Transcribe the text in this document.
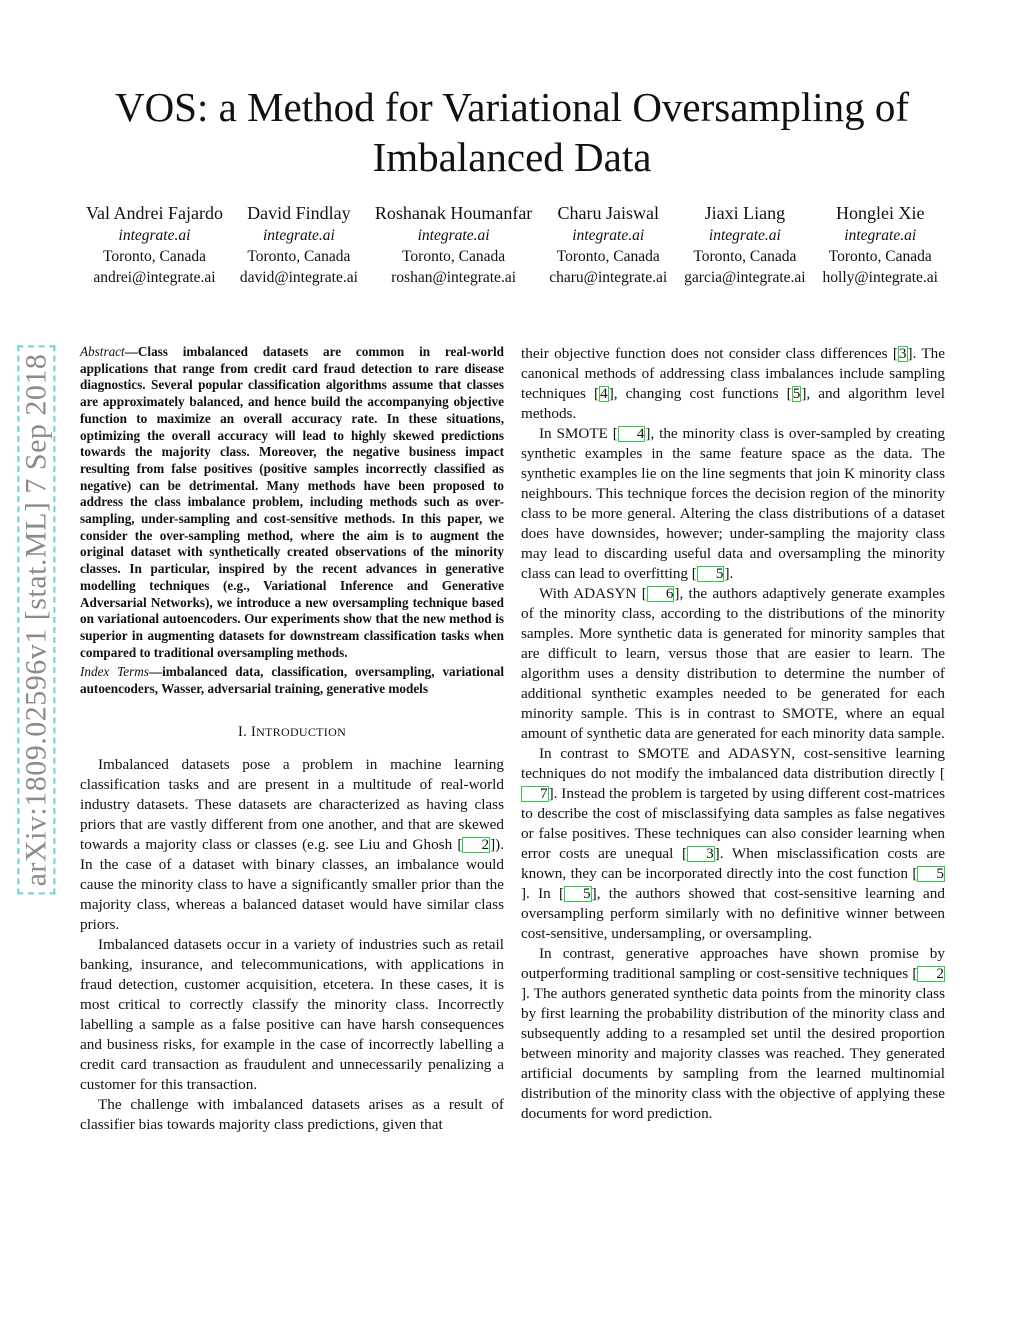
arXiv:1809.02596v1 [stat.ML] 7 Sep 2018
VOS: a Method for Variational Oversampling of Imbalanced Data
Val Andrei Fajardo
integrate.ai
Toronto, Canada
andrei@integrate.ai
David Findlay
integrate.ai
Toronto, Canada
david@integrate.ai
Roshanak Houmanfar
integrate.ai
Toronto, Canada
roshan@integrate.ai
Charu Jaiswal
integrate.ai
Toronto, Canada
charu@integrate.ai
Jiaxi Liang
integrate.ai
Toronto, Canada
garcia@integrate.ai
Honglei Xie
integrate.ai
Toronto, Canada
holly@integrate.ai

Abstract—Class imbalanced datasets are common in real-world applications that range from credit card fraud detection to rare disease diagnostics. Several popular classification algorithms assume that classes are approximately balanced, and hence build the accompanying objective function to maximize an overall accuracy rate. In these situations, optimizing the overall accuracy will lead to highly skewed predictions towards the majority class. Moreover, the negative business impact resulting from false positives (positive samples incorrectly classified as negative) can be detrimental. Many methods have been proposed to address the class imbalance problem, including methods such as over-sampling, under-sampling and cost-sensitive methods. In this paper, we consider the over-sampling method, where the aim is to augment the original dataset with synthetically created observations of the minority classes. In particular, inspired by the recent advances in generative modelling techniques (e.g., Variational Inference and Generative Adversarial Networks), we introduce a new oversampling technique based on variational autoencoders. Our experiments show that the new method is superior in augmenting datasets for downstream classification tasks when compared to traditional oversampling methods.

Index Terms—imbalanced data, classification, oversampling, variational autoencoders, Wasser, adversarial training, generative models

I. INTRODUCTION

Imbalanced datasets pose a problem in machine learning classification tasks and are present in a multitude of real-world industry datasets. These datasets are characterized as having class priors that are vastly different from one another, and that are skewed towards a majority class or classes (e.g. see Liu and Ghosh [ 2]). In the case of a dataset with binary classes, an imbalance would cause the minority class to have a significantly smaller prior than the majority class, whereas a balanced dataset would have similar class priors.

Imbalanced datasets occur in a variety of industries such as retail banking, insurance, and telecommunications, with applications in fraud detection, customer acquisition, etcetera. In these cases, it is most critical to correctly classify the minority class. Incorrectly labelling a sample as a false positive can have harsh consequences and business risks, for example in the case of incorrectly labelling a credit card transaction as fraudulent and unnecessarily penalizing a customer for this transaction.

The challenge with imbalanced datasets arises as a result of classifier bias towards majority class predictions, given that

their objective function does not consider class differences [3]. The canonical methods of addressing class imbalances include sampling techniques [4], changing cost functions [5], and algorithm level methods.

In SMOTE [ 4], the minority class is over-sampled by creating synthetic examples in the same feature space as the data. The synthetic examples lie on the line segments that join K minority class neighbours. This technique forces the decision region of the minority class to be more general. Altering the class distributions of a dataset does have downsides, however; under-sampling the majority class may lead to discarding useful data and oversampling the minority class can lead to overfitting [ 5].

With ADASYN [ 6], the authors adaptively generate examples of the minority class, according to the distributions of the minority samples. More synthetic data is generated for minority samples that are difficult to learn, versus those that are easier to learn. The algorithm uses a density distribution to determine the number of additional synthetic examples needed to be generated for each minority sample. This is in contrast to SMOTE, where an equal amount of synthetic data are generated for each minority data sample.

In contrast to SMOTE and ADASYN, cost-sensitive learning techniques do not modify the imbalanced data distribution directly [7]. Instead the problem is targeted by using different cost-matrices to describe the cost of misclassifying data samples as false negatives or false positives. These techniques can also consider learning when error costs are unequal [ 3]. When misclassification costs are known, they can be incorporated directly into the cost function [ 5]. In [ 5], the authors showed that cost-sensitive learning and oversampling perform similarly with no definitive winner between cost-sensitive, undersampling, or oversampling.

In contrast, generative approaches have shown promise by outperforming traditional sampling or cost-sensitive techniques [ 2]. The authors generated synthetic data points from the minority class by first learning the probability distribution of the minority class and subsequently adding to a resampled set until the desired proportion between minority and majority classes was reached. They generated artificial documents by sampling from the learned multinomial distribution of the minority class with the objective of applying these documents for word prediction.
